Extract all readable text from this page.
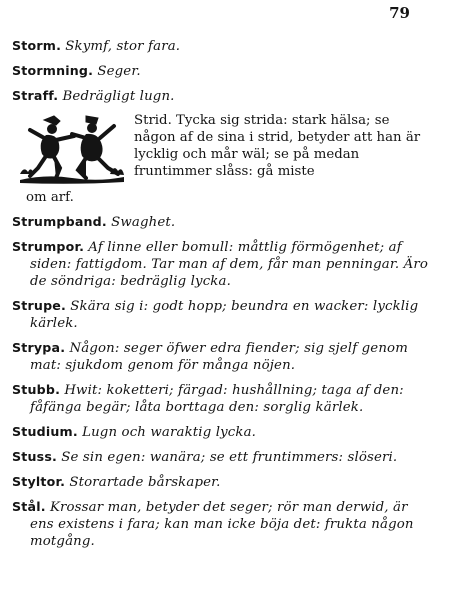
79
Storm. Skymf, stor fara.
Stormning. Seger.
Straff. Bedrägligt lugn.
Strid. Tycka sig strida: stark hälsa; se någon af de sina i strid, betyder att han är lycklig och mår wäl; se på medan fruntimmer slåss: gå miste
om arf.
Strumpband. Swaghet.
Strumpor. Af linne eller bomull: måttlig förmögenhet; af siden: fattigdom. Tar man af dem, får man penningar. Äro de söndriga: bedräglig lycka.
Strupe. Skära sig i: godt hopp; beundra en wacker: lycklig kärlek.
Strypa. Någon: seger öfwer edra fiender; sig sjelf genom mat: sjukdom genom för många nöjen.
Stubb. Hwit: koketteri; färgad: hushållning; taga af den: fåfänga begär; låta borttaga den: sorglig kärlek.
Studium. Lugn och waraktig lycka.
Stuss. Se sin egen: wanära; se ett fruntimmers: slöseri.
Styltor. Storartade bårskaper.
Stål. Krossar man, betyder det seger; rör man derwid, är ens existens i fara; kan man icke böja det: frukta någon motgång.
